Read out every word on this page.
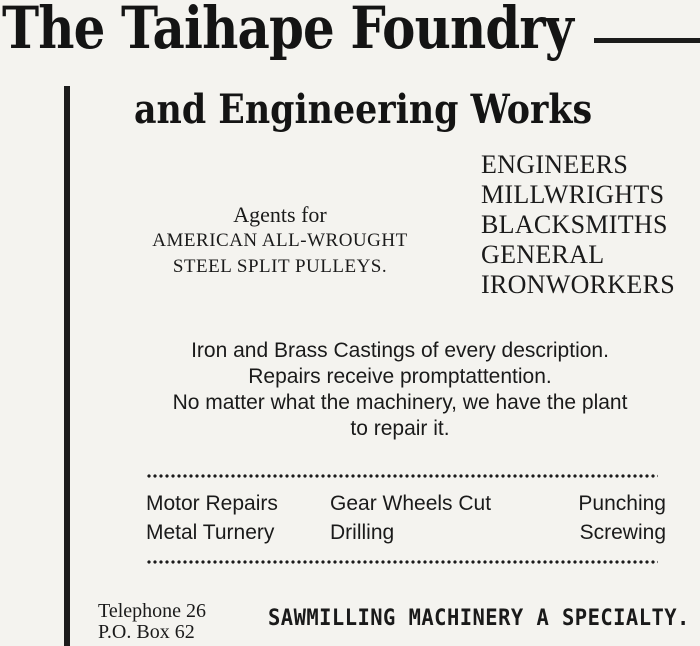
The Taihape Foundry
and Engineering Works
Agents for
AMERICAN ALL-WROUGHT
STEEL SPLIT PULLEYS.
ENGINEERS
MILLWRIGHTS
BLACKSMITHS
GENERAL
IRONWORKERS
Iron and Brass Castings of every description.
Repairs receive promptattention.
No matter what the machinery, we have the plant
to repair it.
Motor Repairs	Gear Wheels Cut	Punching
Metal Turnery	Drilling	Screwing
Telephone 26
P.O. Box 62
SAWMILLING MACHINERY A SPECIALTY.
